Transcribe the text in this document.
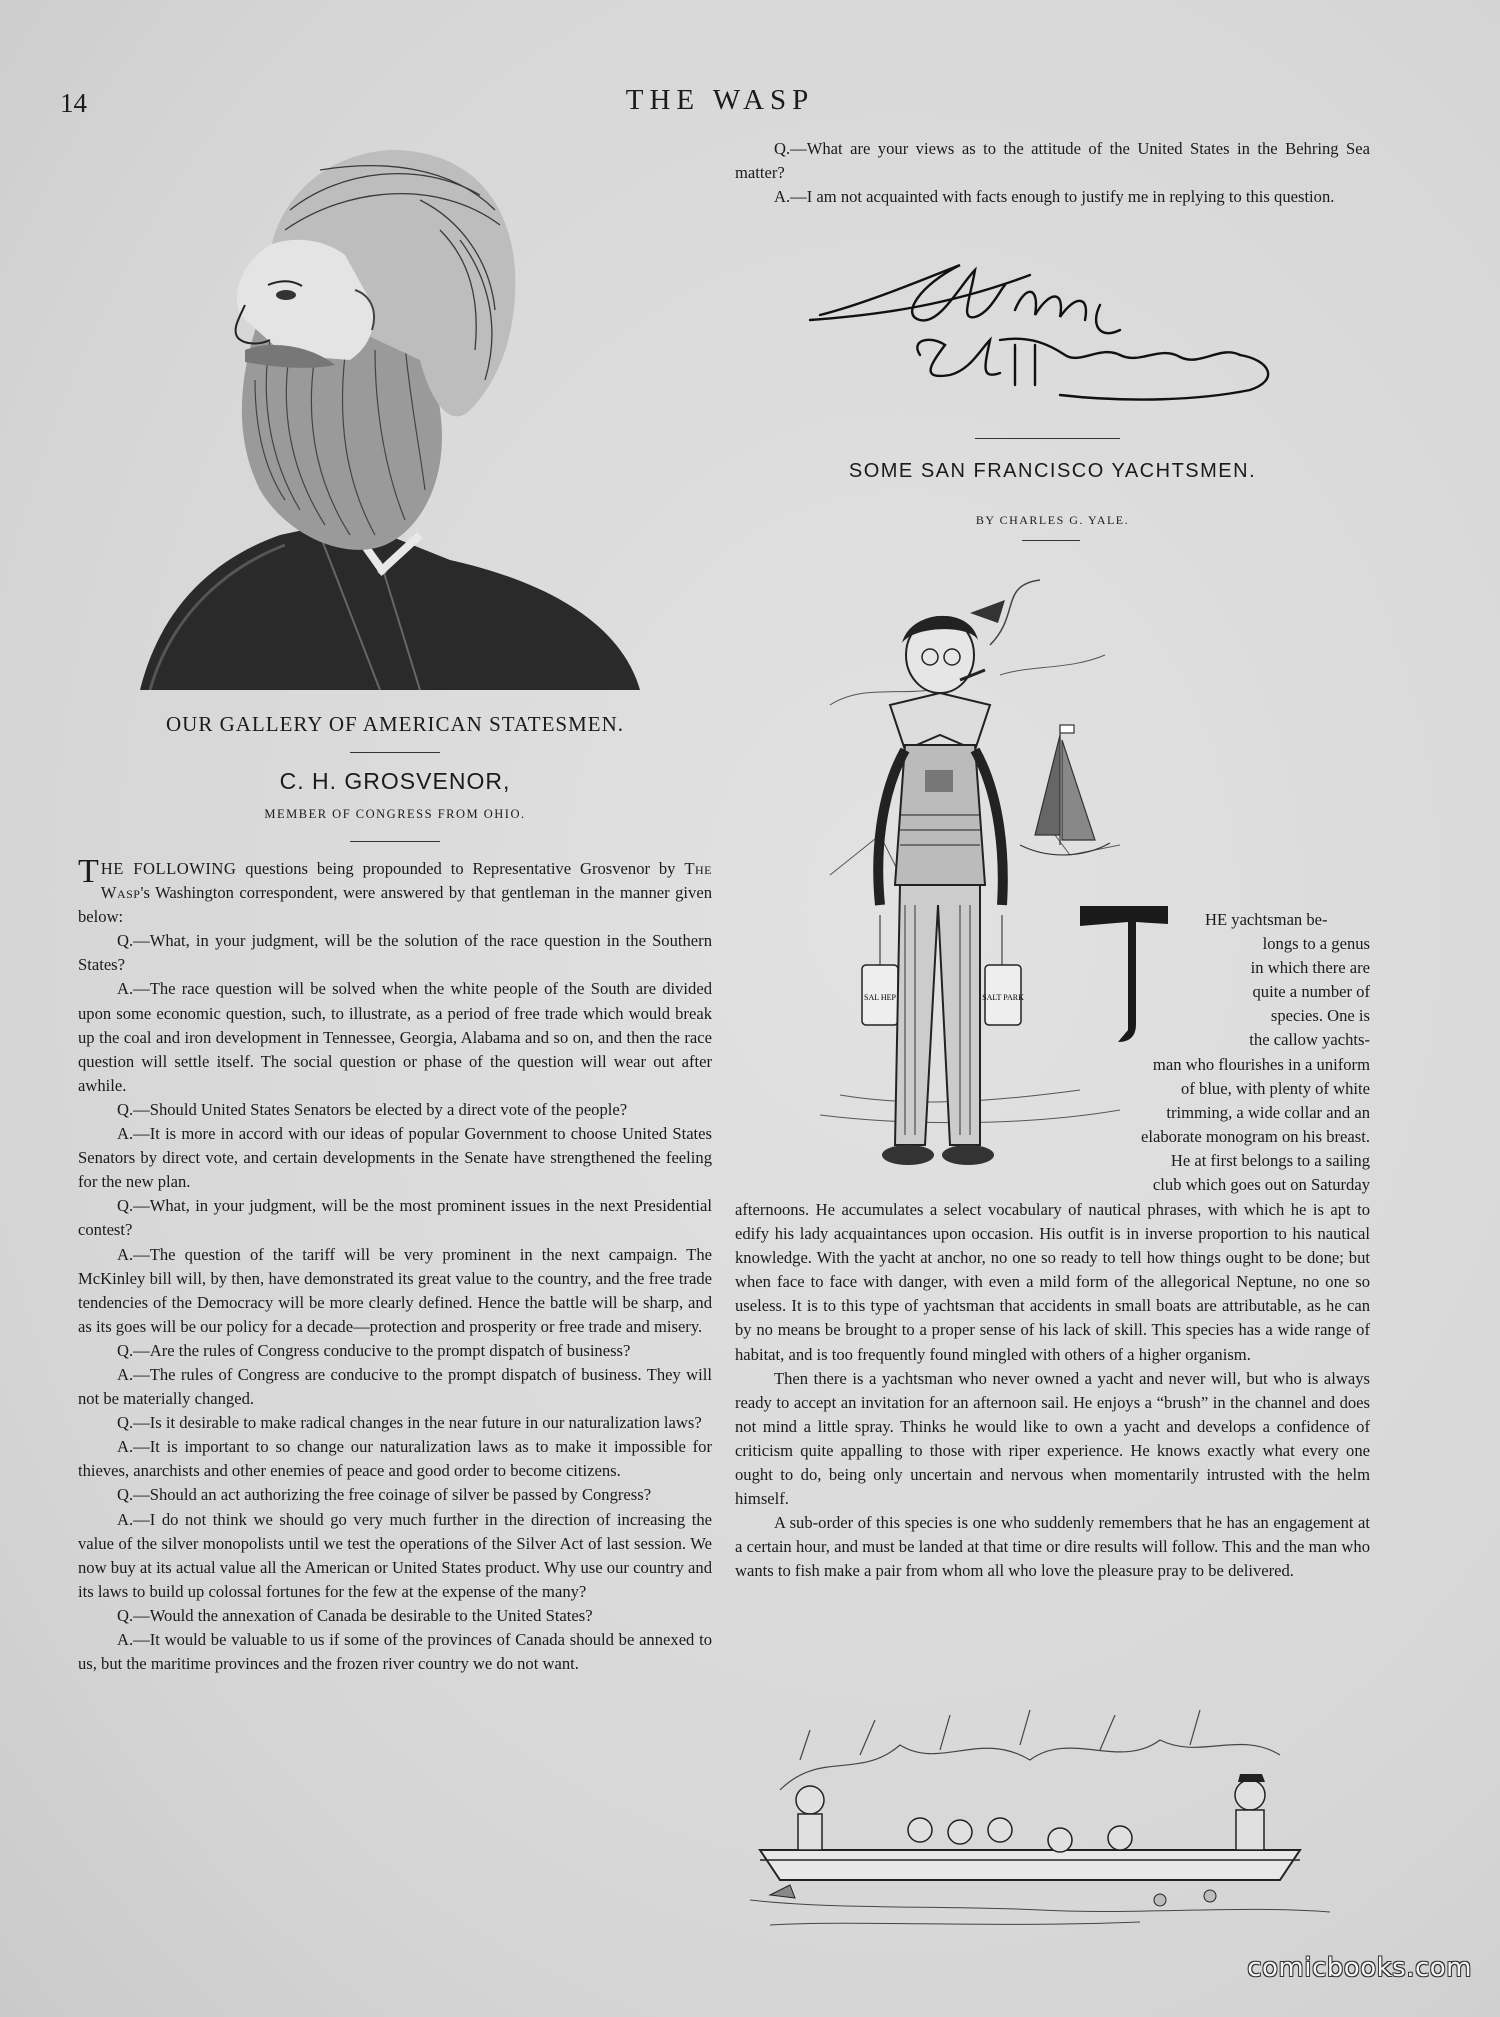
14	THE WASP
OUR GALLERY OF AMERICAN STATESMEN.
C. H. GROSVENOR,
MEMBER OF CONGRESS FROM OHIO.

THE FOLLOWING questions being propounded to Representative Grosvenor by The Wasp's Washington correspondent, were answered by that gentleman in the manner given below:

Q.—What, in your judgment, will be the solution of the race question in the Southern States?

A.—The race question will be solved when the white people of the South are divided upon some economic question, such, to illustrate, as a period of free trade which would break up the coal and iron development in Tennessee, Georgia, Alabama and so on, and then the race question will settle itself. The social question or phase of the question will wear out after awhile.

Q.—Should United States Senators be elected by a direct vote of the people?

A.—It is more in accord with our ideas of popular Government to choose United States Senators by direct vote, and certain developments in the Senate have strengthened the feeling for the new plan.

Q.—What, in your judgment, will be the most prominent issues in the next Presidential contest?

A.—The question of the tariff will be very prominent in the next campaign. The McKinley bill will, by then, have demonstrated its great value to the country, and the free trade tendencies of the Democracy will be more clearly defined. Hence the battle will be sharp, and as its goes will be our policy for a decade—protection and prosperity or free trade and misery.

Q.—Are the rules of Congress conducive to the prompt dispatch of business?

A.—The rules of Congress are conducive to the prompt dispatch of business. They will not be materially changed.

Q.—Is it desirable to make radical changes in the near future in our naturalization laws?

A.—It is important to so change our naturalization laws as to make it impossible for thieves, anarchists and other enemies of peace and good order to become citizens.

Q.—Should an act authorizing the free coinage of silver be passed by Congress?

A.—I do not think we should go very much further in the direction of increasing the value of the silver monopolists until we test the operations of the Silver Act of last session. We now buy at its actual value all the American or United States product. Why use our country and its laws to build up colossal fortunes for the few at the expense of the many?

Q.—Would the annexation of Canada be desirable to the United States?

A.—It would be valuable to us if some of the provinces of Canada should be annexed to us, but the maritime provinces and the frozen river country we do not want.

Q.—What are your views as to the attitude of the United States in the Behring Sea matter?

A.—I am not acquainted with facts enough to justify me in replying to this question.

SOME SAN FRANCISCO YACHTSMEN.
BY CHARLES G. YALE.
SAL HEP	SALT PARK

HE yachtsman be-

longs to a genus

in which there are

quite a number of

species. One is

the callow yachts-

man who flourishes in a uniform

of blue, with plenty of white

trimming, a wide collar and an

elaborate monogram on his breast.

He at first belongs to a sailing

club which goes out on Saturday

afternoons. He accumulates a select vocabulary of nautical phrases, with which he is apt to edify his lady acquaintances upon occasion. His outfit is in inverse proportion to his nautical knowledge. With the yacht at anchor, no one so ready to tell how things ought to be done; but when face to face with danger, with even a mild form of the allegorical Neptune, no one so useless. It is to this type of yachtsman that accidents in small boats are attributable, as he can by no means be brought to a proper sense of his lack of skill. This species has a wide range of habitat, and is too frequently found mingled with others of a higher organism.

Then there is a yachtsman who never owned a yacht and never will, but who is always ready to accept an invitation for an afternoon sail. He enjoys a “brush” in the channel and does not mind a little spray. Thinks he would like to own a yacht and develops a confidence of criticism quite appalling to those with riper experience. He knows exactly what every one ought to do, being only uncertain and nervous when momentarily intrusted with the helm himself.

A sub-order of this species is one who suddenly remembers that he has an engagement at a certain hour, and must be landed at that time or dire results will follow. This and the man who wants to fish make a pair from whom all who love the pleasure pray to be delivered.

comicbooks.com
